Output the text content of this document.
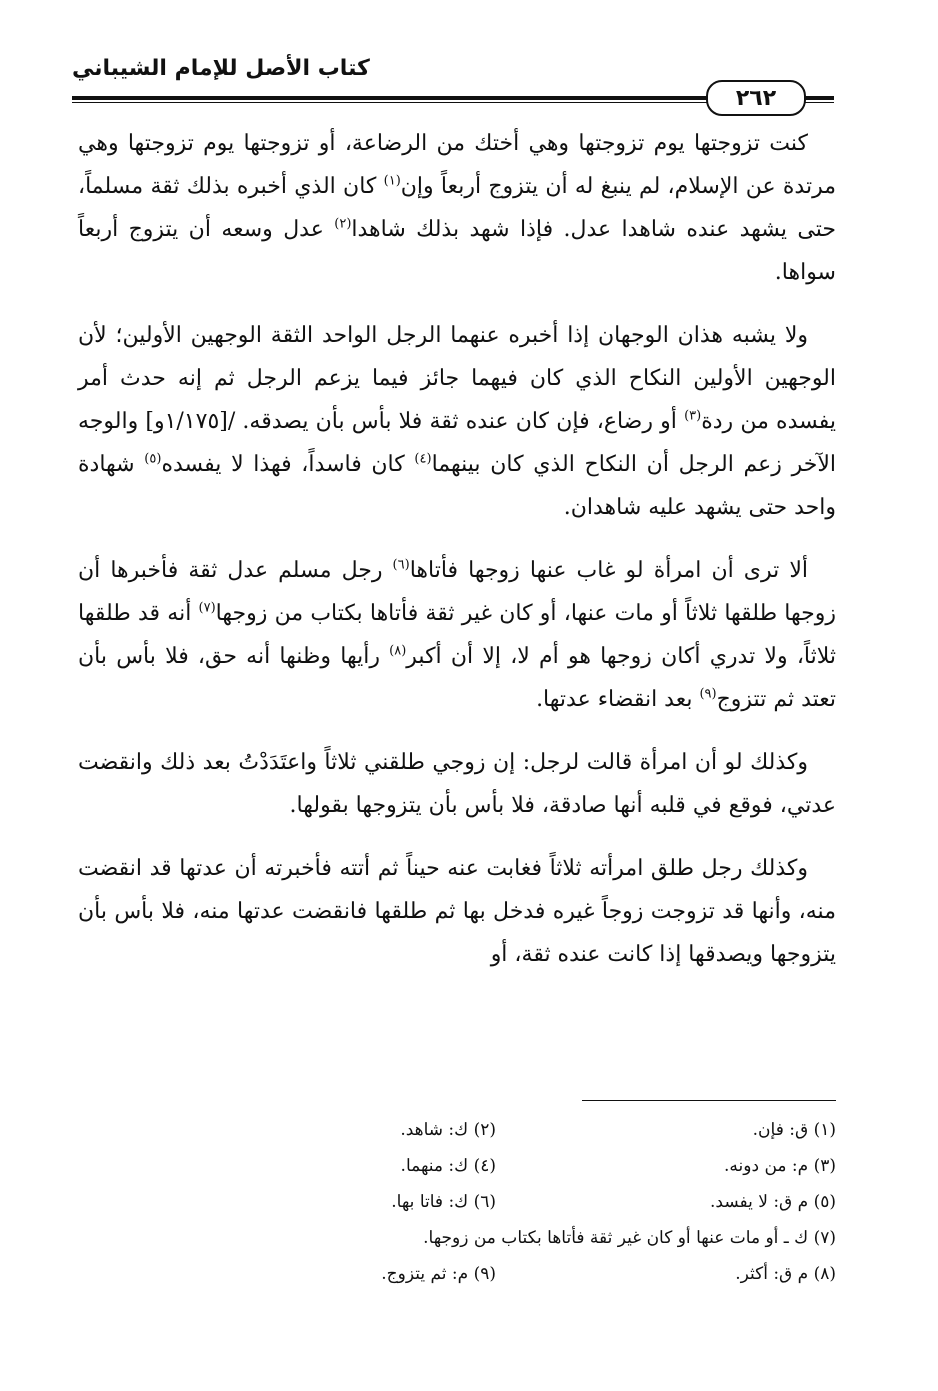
كتاب الأصل للإمام الشيباني
٢٦٢

كنت تزوجتها يوم تزوجتها وهي أختك من الرضاعة، أو تزوجتها يوم تزوجتها وهي مرتدة عن الإسلام، لم ينبغ له أن يتزوج أربعاً وإن$^{(١)}$ كان الذي أخبره بذلك ثقة مسلماً، حتى يشهد عنده شاهدا عدل. فإذا شهد بذلك شاهدا$^{(٢)}$ عدل وسعه أن يتزوج أربعاً سواها.

ولا يشبه هذان الوجهان إذا أخبره عنهما الرجل الواحد الثقة الوجهين الأولين؛ لأن الوجهين الأولين النكاح الذي كان فيهما جائز فيما يزعم الرجل ثم إنه حدث أمر يفسده من ردة$^{(٣)}$ أو رضاع، فإن كان عنده ثقة فلا بأس بأن يصدقه. /[١/١٧٥و] والوجه الآخر زعم الرجل أن النكاح الذي كان بينهما$^{(٤)}$ كان فاسداً، فهذا لا يفسده$^{(٥)}$ شهادة واحد حتى يشهد عليه شاهدان.

ألا ترى أن امرأة لو غاب عنها زوجها فأتاها$^{(٦)}$ رجل مسلم عدل ثقة فأخبرها أن زوجها طلقها ثلاثاً أو مات عنها، أو كان غير ثقة فأتاها بكتاب من زوجها$^{(٧)}$ أنه قد طلقها ثلاثاً، ولا تدري أكان زوجها هو أم لا، إلا أن أكبر$^{(٨)}$ رأيها وظنها أنه حق، فلا بأس بأن تعتد ثم تتزوج$^{(٩)}$ بعد انقضاء عدتها.

وكذلك لو أن امرأة قالت لرجل: إن زوجي طلقني ثلاثاً واعتَدَدْتُ بعد ذلك وانقضت عدتي، فوقع في قلبه أنها صادقة، فلا بأس بأن يتزوجها بقولها.

وكذلك رجل طلق امرأته ثلاثاً فغابت عنه حيناً ثم أتته فأخبرته أن عدتها قد انقضت منه، وأنها قد تزوجت زوجاً غيره فدخل بها ثم طلقها فانقضت عدتها منه، فلا بأس بأن يتزوجها ويصدقها إذا كانت عنده ثقة، أو

(١) ق: فإن.
(٢) ك: شاهد.
(٣) م: من دونه.
(٤) ك: منهما.
(٥) م ق: لا يفسد.
(٦) ك: فاتا بها.
(٧) ك ـ أو مات عنها أو كان غير ثقة فأتاها بكتاب من زوجها.
(٨) م ق: أكثر.
(٩) م: ثم يتزوج.
